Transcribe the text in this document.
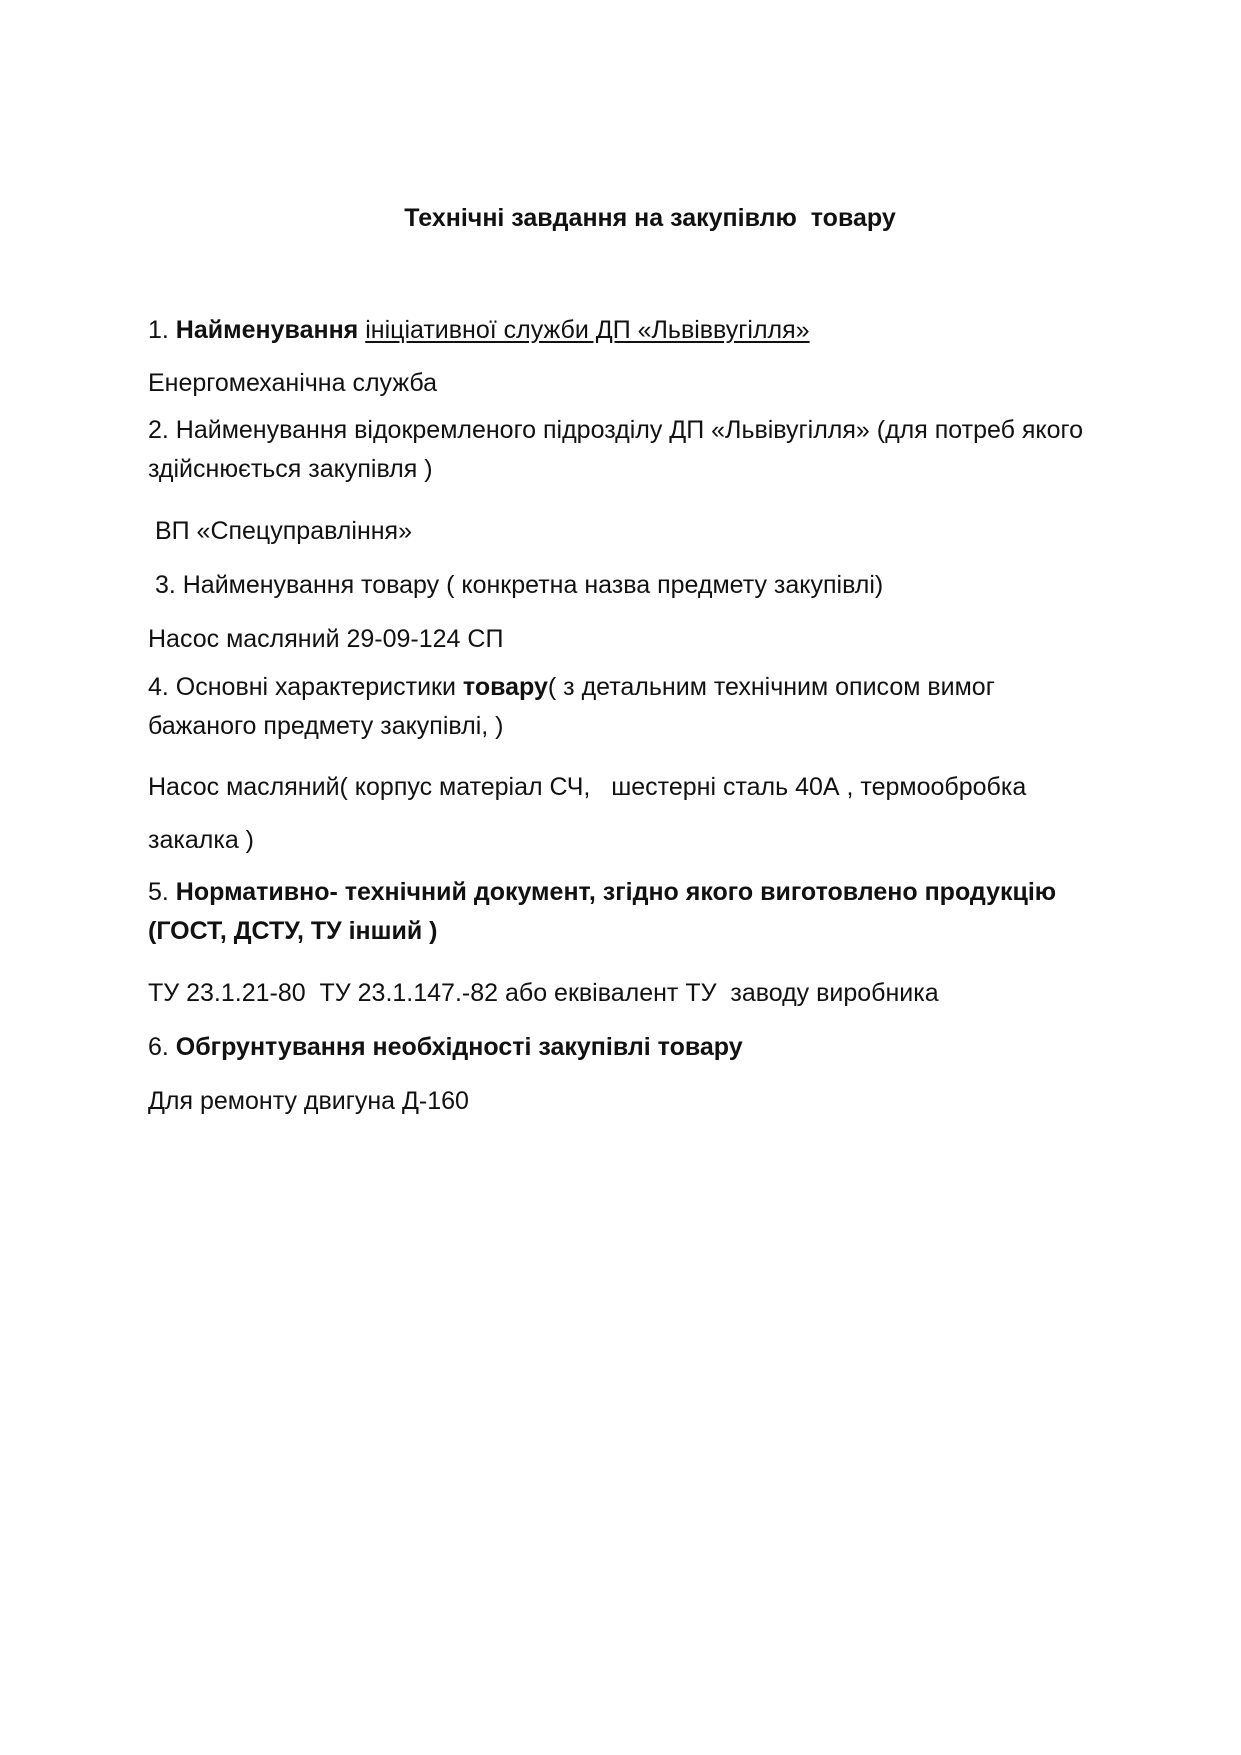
Технічні завдання на закупівлю  товару
1. Найменування ініціативної служби ДП «Львіввугілля»
Енергомеханічна служба
2. Найменування відокремленого підрозділу ДП «Львівугілля» (для потреб якого здійснюється закупівля )
ВП «Спецуправління»
3. Найменування товару ( конкретна назва предмету закупівлі)
Насос масляний 29-09-124 СП
4. Основні характеристики товару( з детальним технічним описом вимог бажаного предмету закупівлі, )
Насос масляний( корпус матеріал СЧ,   шестерні сталь 40А , термообробка
закалка )
5. Нормативно- технічний документ, згідно якого виготовлено продукцію (ГОСТ, ДСТУ, ТУ інший )
ТУ 23.1.21-80  ТУ 23.1.147.-82 або еквівалент ТУ  заводу виробника
6. Обгрунтування необхідності закупівлі товару
Для ремонту двигуна Д-160
